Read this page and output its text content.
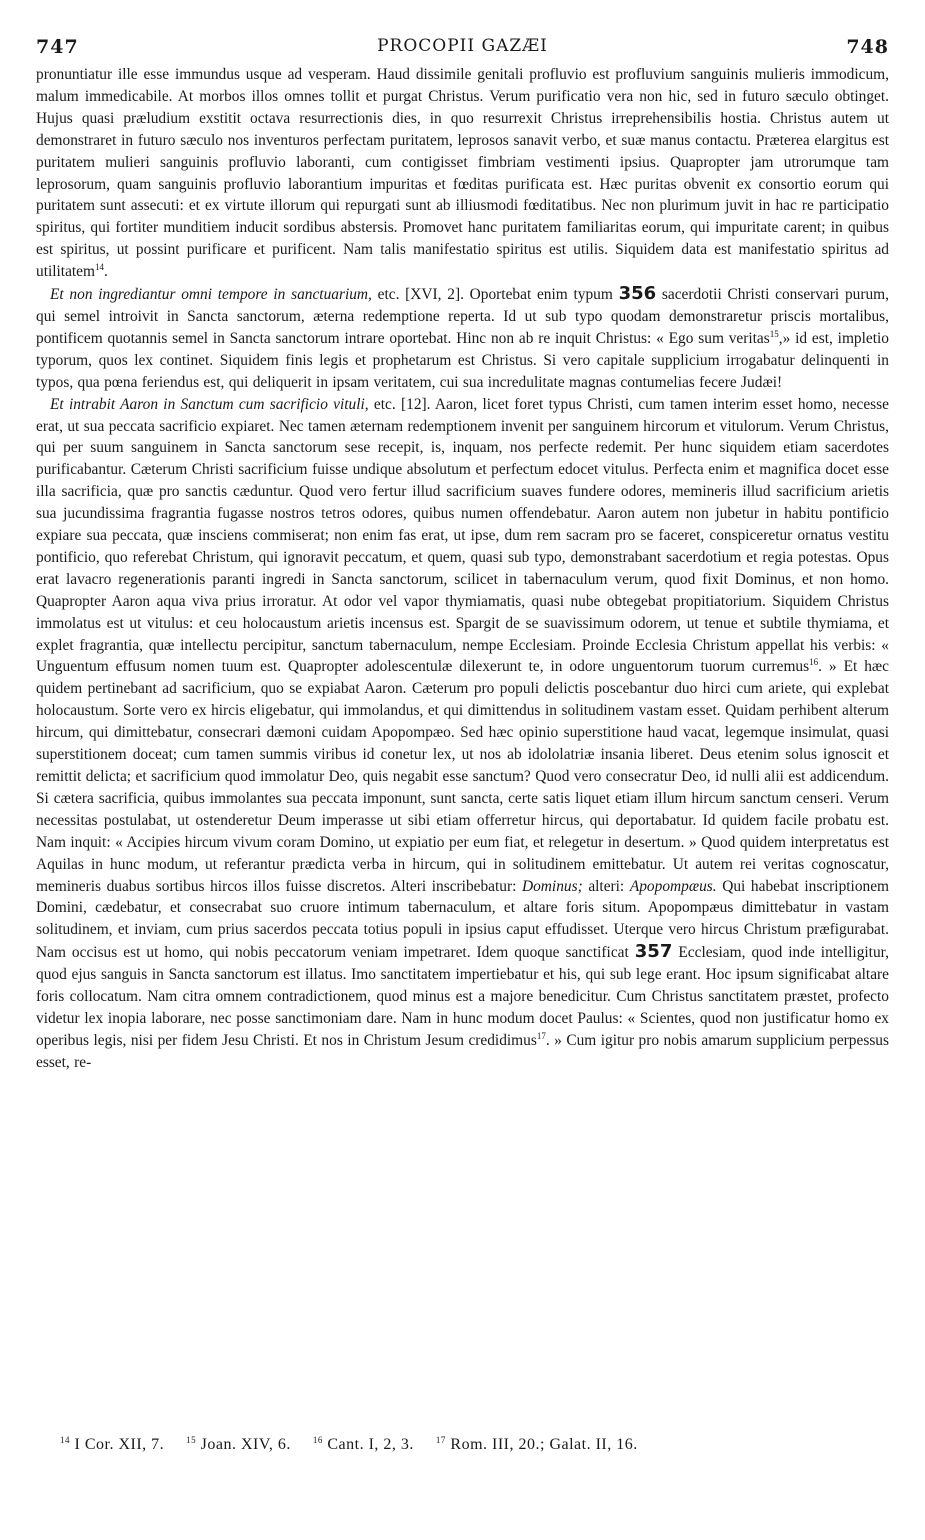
747	PROCOPII GAZÆI	748

pronuntiatur ille esse immundus usque ad vesperam. Haud dissimile genitali profluvio est profluvium sanguinis mulieris immodicum, malum immedicabile. At morbos illos omnes tollit et purgat Christus. Verum purificatio vera non hic, sed in futuro sæculo obtinget. Hujus quasi præludium exstitit octava resurrectionis dies, in quo resurrexit Christus irreprehensibilis hostia. Christus autem ut demonstraret in futuro sæculo nos inventuros perfectam puritatem, leprosos sanavit verbo, et suæ manus contactu. Præterea elargitus est puritatem mulieri sanguinis profluvio laboranti, cum contigisset fimbriam vestimenti ipsius. Quapropter jam utrorumque tam leprosorum, quam sanguinis profluvio laborantium impuritas et fœditas purificata est. Hæc puritas obvenit ex consortio eorum qui puritatem sunt assecuti: et ex virtute illorum qui repurgati sunt ab illiusmodi fœditatibus. Nec non plurimum juvit in hac re participatio spiritus, qui fortiter munditiem inducit sordibus abstersis. Promovet hanc puritatem familiaritas eorum, qui impuritate carent; in quibus est spiritus, ut possint purificare et purificent. Nam talis manifestatio spiritus est utilis. Siquidem data est manifestatio spiritus ad utilitatem$^{14}$.

Et non ingrediantur omni tempore in sanctuarium, etc. [XVI, 2]. Oportebat enim typum 356 sacerdotii Christi conservari purum, qui semel introivit in Sancta sanctorum, æterna redemptione reperta. Id ut sub typo quodam demonstraretur priscis mortalibus, pontificem quotannis semel in Sancta sanctorum intrare oportebat. Hinc non ab re inquit Christus: « Ego sum veritas$^{15}$,» id est, impletio typorum, quos lex continet. Siquidem finis legis et prophetarum est Christus. Si vero capitale supplicium irrogabatur delinquenti in typos, qua pœna feriendus est, qui deliquerit in ipsam veritatem, cui sua incredulitate magnas contumelias fecere Judæi!

Et intrabit Aaron in Sanctum cum sacrificio vituli, etc. [12]. Aaron, licet foret typus Christi, cum tamen interim esset homo, necesse erat, ut sua peccata sacrificio expiaret. Nec tamen æternam redemptionem invenit per sanguinem hircorum et vitulorum. Verum Christus, qui per suum sanguinem in Sancta sanctorum sese recepit, is, inquam, nos perfecte redemit. Per hunc siquidem etiam sacerdotes purificabantur. Cæterum Christi sacrificium fuisse undique absolutum et perfectum edocet vitulus. Perfecta enim et magnifica docet esse illa sacrificia, quæ pro sanctis cæduntur. Quod vero fertur illud sacrificium suaves fundere odores, memineris illud sacrificium arietis sua jucundissima fragrantia fugasse nostros tetros odores, quibus numen offendebatur. Aaron autem non jubetur in habitu pontificio expiare sua peccata, quæ insciens commiserat; non enim fas erat, ut ipse, dum rem sacram pro se faceret, conspiceretur ornatus vestitu pontificio, quo referebat Christum, qui ignoravit peccatum, et quem, quasi sub typo, demonstrabant sacerdotium et regia potestas. Opus erat lavacro regenerationis paranti ingredi in Sancta sanctorum, scilicet in tabernaculum verum, quod fixit Dominus, et non homo. Quapropter Aaron aqua viva prius irroratur. At odor vel vapor thymiamatis, quasi nube obtegebat propitiatorium. Siquidem Christus immolatus est ut vitulus: et ceu holocaustum arietis incensus est. Spargit de se suavissimum odorem, ut tenue et subtile thymiama, et explet fragrantia, quæ intellectu percipitur, sanctum tabernaculum, nempe Ecclesiam. Proinde Ecclesia Christum appellat his verbis: « Unguentum effusum nomen tuum est. Quapropter adolescentulæ dilexerunt te, in odore unguentorum tuorum curremus$^{16}$. » Et hæc quidem pertinebant ad sacrificium, quo se expiabat Aaron. Cæterum pro populi delictis poscebantur duo hirci cum ariete, qui explebat holocaustum. Sorte vero ex hircis eligebatur, qui immolandus, et qui dimittendus in solitudinem vastam esset. Quidam perhibent alterum hircum, qui dimittebatur, consecrari dæmoni cuidam Apopompæo. Sed hæc opinio superstitione haud vacat, legemque insimulat, quasi superstitionem doceat; cum tamen summis viribus id conetur lex, ut nos ab idololatriæ insania liberet. Deus etenim solus ignoscit et remittit delicta; et sacrificium quod immolatur Deo, quis negabit esse sanctum? Quod vero consecratur Deo, id nulli alii est addicendum. Si cætera sacrificia, quibus immolantes sua peccata imponunt, sunt sancta, certe satis liquet etiam illum hircum sanctum censeri. Verum necessitas postulabat, ut ostenderetur Deum imperasse ut sibi etiam offerretur hircus, qui deportabatur. Id quidem facile probatu est. Nam inquit: « Accipies hircum vivum coram Domino, ut expiatio per eum fiat, et relegetur in desertum. » Quod quidem interpretatus est Aquilas in hunc modum, ut referantur prædicta verba in hircum, qui in solitudinem emittebatur. Ut autem rei veritas cognoscatur, memineris duabus sortibus hircos illos fuisse discretos. Alteri inscribebatur: Dominus; alteri: Apopompæus. Qui habebat inscriptionem Domini, cædebatur, et consecrabat suo cruore intimum tabernaculum, et altare foris situm. Apopompæus dimittebatur in vastam solitudinem, et inviam, cum prius sacerdos peccata totius populi in ipsius caput effudisset. Uterque vero hircus Christum præfigurabat. Nam occisus est ut homo, qui nobis peccatorum veniam impetraret. Idem quoque sanctificat 357 Ecclesiam, quod inde intelligitur, quod ejus sanguis in Sancta sanctorum est illatus. Imo sanctitatem impertiebatur et his, qui sub lege erant. Hoc ipsum significabat altare foris collocatum. Nam citra omnem contradictionem, quod minus est a majore benedicitur. Cum Christus sanctitatem præstet, profecto videtur lex inopia laborare, nec posse sanctimoniam dare. Nam in hunc modum docet Paulus: « Scientes, quod non justificatur homo ex operibus legis, nisi per fidem Jesu Christi. Et nos in Christum Jesum credidimus$^{17}$. » Cum igitur pro nobis amarum supplicium perpessus esset, re-

$^{14}$ I Cor. XII, 7. $^{15}$ Joan. XIV, 6. $^{16}$ Cant. I, 2, 3. $^{17}$ Rom. III, 20.; Galat. II, 16.
